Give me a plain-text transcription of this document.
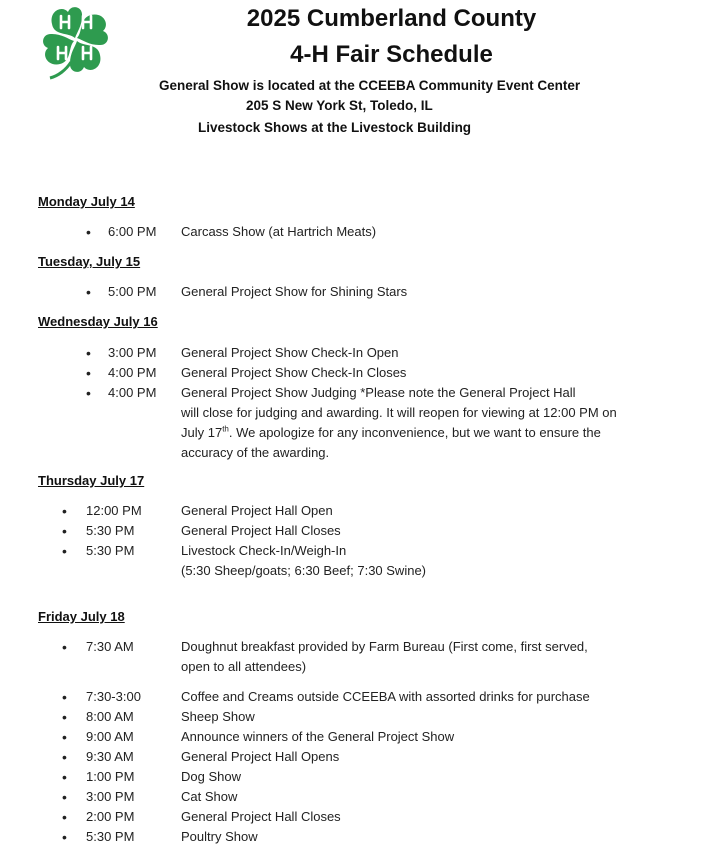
2025 Cumberland County
4-H Fair Schedule
General Show is located at the CCEEBA Community Event Center
205 S New York St, Toledo, IL
Livestock Shows at the Livestock Building
Monday July 14
• 6:00 PM Carcass Show (at Hartrich Meats)
Tuesday, July 15
• 5:00 PM General Project Show for Shining Stars
Wednesday July 16
• 3:00 PM General Project Show Check-In Open
• 4:00 PM General Project Show Check-In Closes
• 4:00 PM General Project Show Judging *Please note the General Project Hall
will close for judging and awarding. It will reopen for viewing at 12:00 PM on
July 17th. We apologize for any inconvenience, but we want to ensure the
accuracy of the awarding.
Thursday July 17
• 12:00 PM	General Project Hall Open
• 5:30 PM	General Project Hall Closes
• 5:30 PM	Livestock Check-In/Weigh-In
(5:30 Sheep/goats; 6:30 Beef; 7:30 Swine)
Friday July 18
• 7:30 AM	Doughnut breakfast provided by Farm Bureau (First come, first served,
open to all attendees)
• 7:30-3:00	Coffee and Creams outside CCEEBA with assorted drinks for purchase
• 8:00 AM	Sheep Show
• 9:00 AM	Announce winners of the General Project Show
• 9:30 AM	General Project Hall Opens
• 1:00 PM	Dog Show
• 3:00 PM	Cat Show
• 2:00 PM	General Project Hall Closes
• 5:30 PM	Poultry Show
